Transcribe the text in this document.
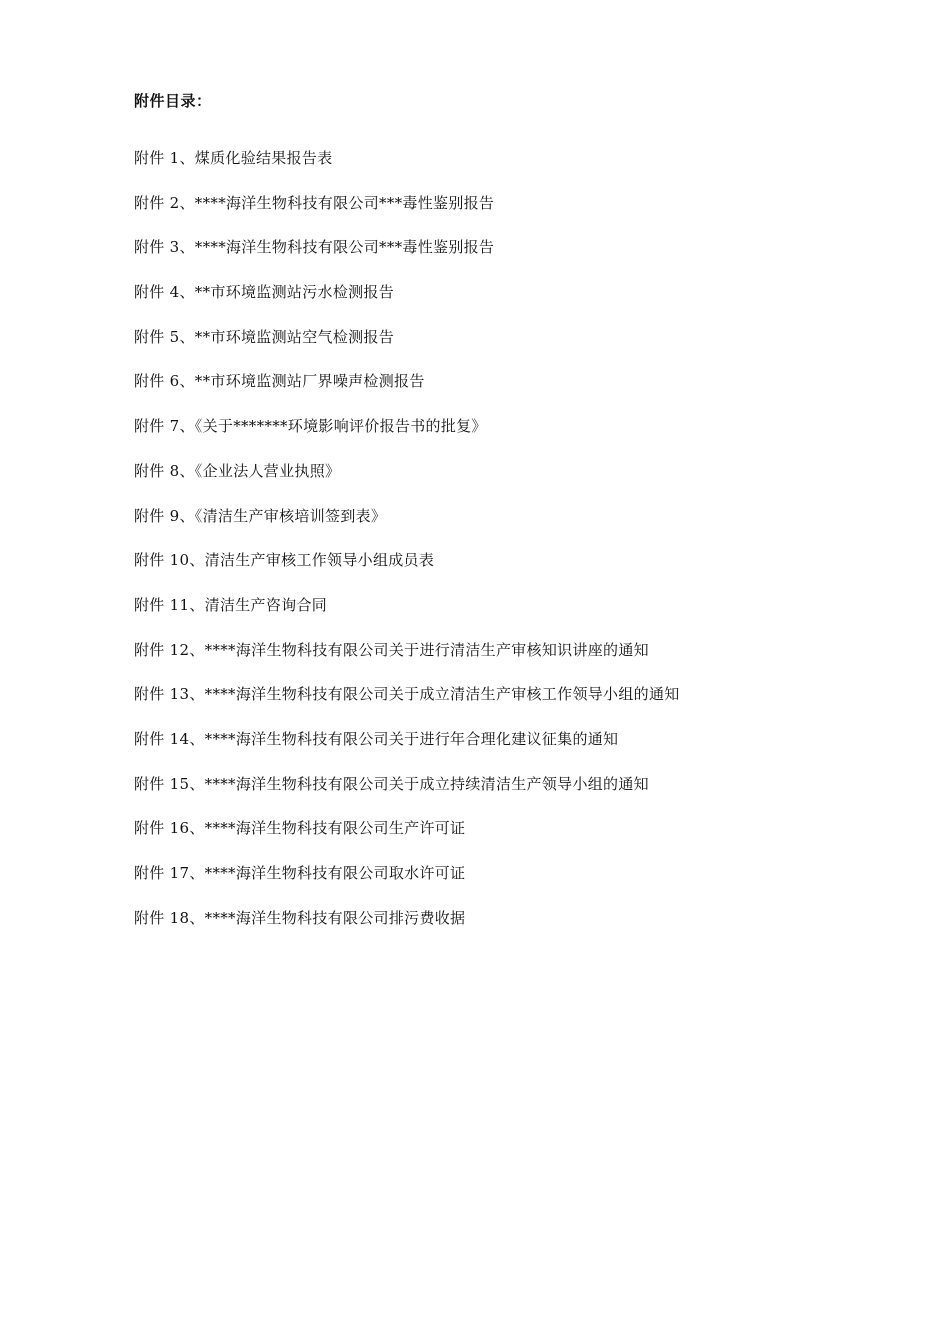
附件目录：
附件 1、煤质化验结果报告表
附件 2、****海洋生物科技有限公司***毒性鉴别报告
附件 3、****海洋生物科技有限公司***毒性鉴别报告
附件 4、**市环境监测站污水检测报告
附件 5、**市环境监测站空气检测报告
附件 6、**市环境监测站厂界噪声检测报告
附件 7、《关于*******环境影响评价报告书的批复》
附件 8、《企业法人营业执照》
附件 9、《清洁生产审核培训签到表》
附件 10、清洁生产审核工作领导小组成员表
附件 11、清洁生产咨询合同
附件 12、****海洋生物科技有限公司关于进行清洁生产审核知识讲座的通知
附件 13、****海洋生物科技有限公司关于成立清洁生产审核工作领导小组的通知
附件 14、****海洋生物科技有限公司关于进行年合理化建议征集的通知
附件 15、****海洋生物科技有限公司关于成立持续清洁生产领导小组的通知
附件 16、****海洋生物科技有限公司生产许可证
附件 17、****海洋生物科技有限公司取水许可证
附件 18、****海洋生物科技有限公司排污费收据
